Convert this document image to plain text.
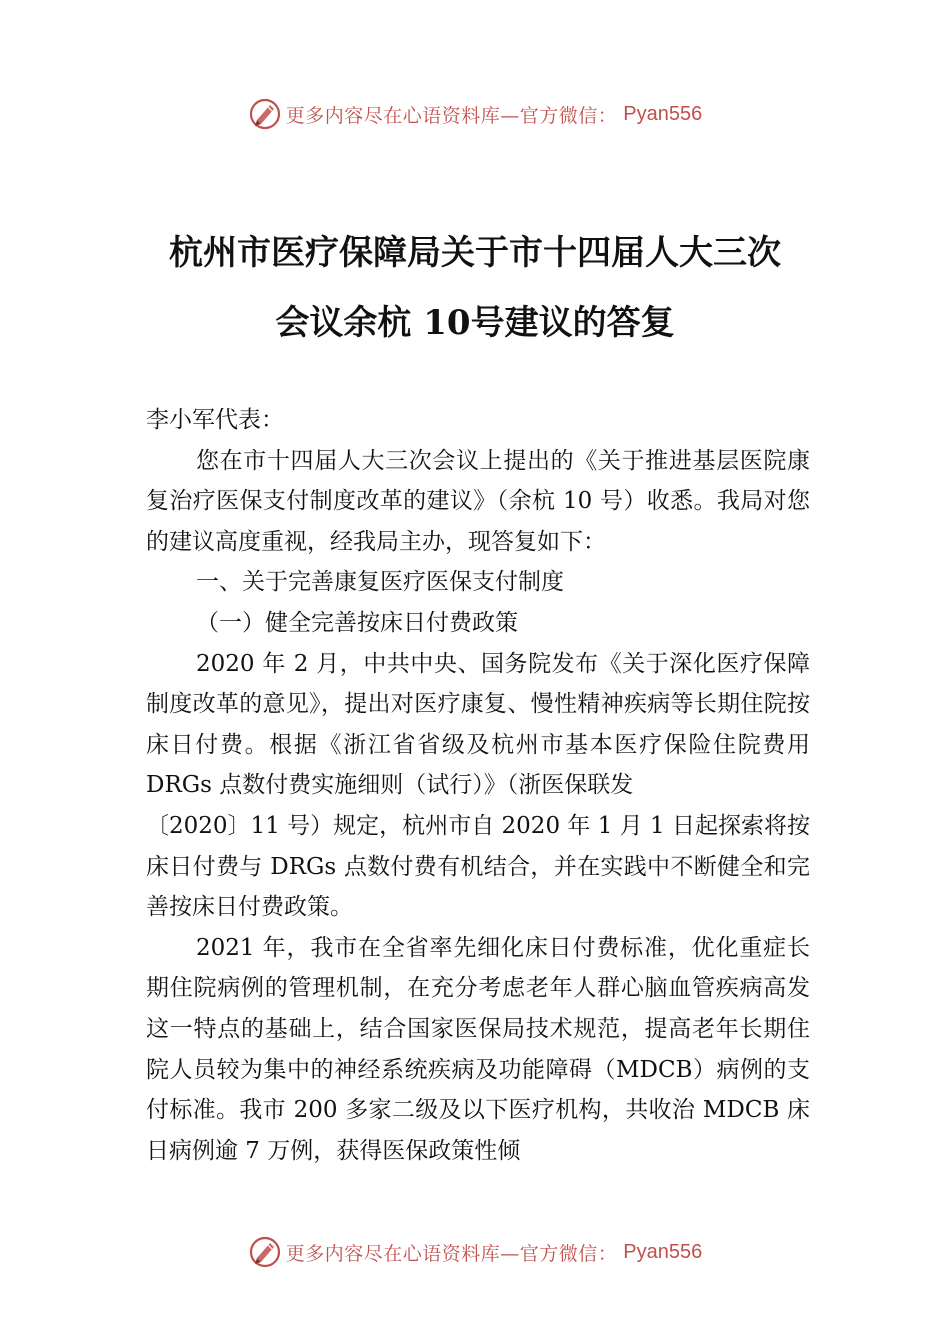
更多内容尽在心语资料库—官方微信： Pyan556
杭州市医疗保障局关于市十四届人大三次
会议余杭 10号建议的答复

李小军代表：

您在市十四届人大三次会议上提出的《关于推进基层医院康复治疗医保支付制度改革的建议》（余杭 10 号）收悉。我局对您的建议高度重视，经我局主办，现答复如下：

一、关于完善康复医疗医保支付制度

（一）健全完善按床日付费政策

2020 年 2 月，中共中央、国务院发布《关于深化医疗保障制度改革的意见》，提出对医疗康复、慢性精神疾病等长期住院按床日付费。根据《浙江省省级及杭州市基本医疗保险住院费用 DRGs 点数付费实施细则（试行）》（浙医保联发

〔2020〕11 号）规定，杭州市自 2020 年 1 月 1 日起探索将按床日付费与 DRGs 点数付费有机结合，并在实践中不断健全和完善按床日付费政策。

2021 年，我市在全省率先细化床日付费标准，优化重症长期住院病例的管理机制，在充分考虑老年人群心脑血管疾病高发这一特点的基础上，结合国家医保局技术规范，提高老年长期住院人员较为集中的神经系统疾病及功能障碍（MDCB）病例的支付标准。我市 200 多家二级及以下医疗机构，共收治 MDCB 床日病例逾 7 万例，获得医保政策性倾

更多内容尽在心语资料库—官方微信： Pyan556
